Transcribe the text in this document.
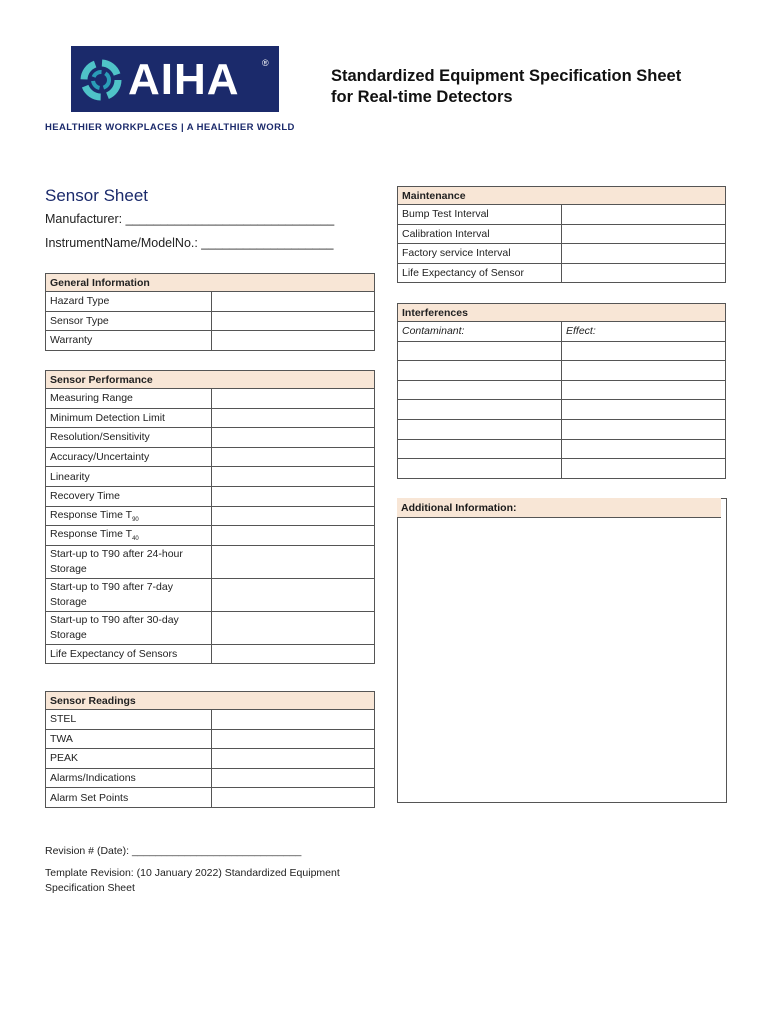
AIHA ®
HEALTHIER WORKPLACES | A HEALTHIER WORLD
Standardized Equipment Specification Sheet
for Real-time Detectors
Sensor Sheet
Manufacturer: ______________________________
InstrumentName/ModelNo.: ___________________
General Information	
Hazard Type	
Sensor Type	
Warranty	
Sensor Performance	
Measuring Range	
Minimum Detection Limit	
Resolution/Sensitivity	
Accuracy/Uncertainty	
Linearity	
Recovery Time	
Response Time $T_{90}$	
Response Time $T_{40}$	
Start-up to T90 after 24-hour Storage	
Start-up to T90 after 7-day Storage	
Start-up to T90 after 30-day Storage	
Life Expectancy of Sensors	
Sensor Readings	
STEL	
TWA	
PEAK	
Alarms/Indications	
Alarm Set Points	
Maintenance	
Bump Test Interval	
Calibration Interval	
Factory service Interval	
Life Expectancy of Sensor	
Interferences	
Contaminant:	Effect:

Additional Information:
Revision # (Date): _____________________________
Template Revision: (10 January 2022) Standardized Equipment Specification Sheet
